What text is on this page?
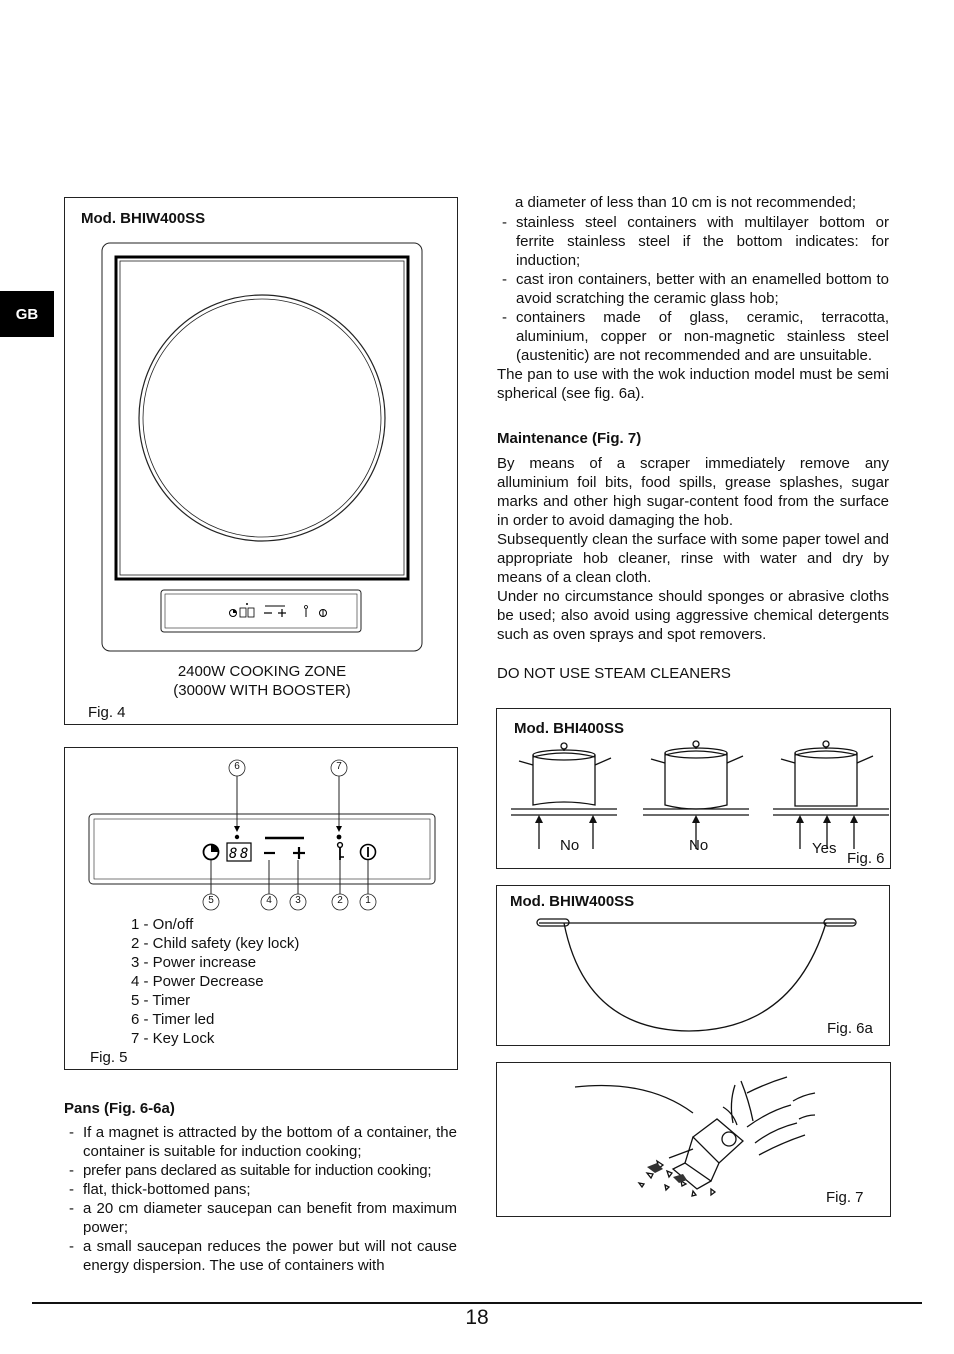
GB
Mod. BHIW400SS
2400W COOKING ZONE
(3000W WITH BOOSTER)
Fig. 4
8 8
6	7
5	4	3	2	1
1 - On/off
2 - Child safety (key lock)
3 - Power increase
4 - Power Decrease
5 - Timer
6 - Timer led
7 - Key Lock
Fig. 5
Pans (Fig. 6-6a)
- If a magnet is attracted by the bottom of a container, the container is suitable for induction cooking;
- prefer pans declared as suitable for induction cooking;
- flat, thick-bottomed pans;
- a 20 cm diameter saucepan can benefit from maximum power;
- a small saucepan reduces the power but will not cause energy dispersion. The use of containers with
a diameter of less than 10 cm is not recommended;
- stainless steel containers with multilayer bottom or ferrite stainless steel if the bottom indicates: for induction;
- cast iron containers, better with an enamelled bottom to avoid scratching the ceramic glass hob;
- containers made of glass, ceramic, terracotta, aluminium, copper or non-magnetic stainless steel (austenitic) are not recommended and are unsuitable.
The pan to use with the wok induction model must be semi spherical (see fig. 6a).
Maintenance (Fig. 7)
By means of a scraper immediately remove any alluminium foil bits, food spills, grease splashes, sugar marks and other high sugar-content food from the surface in order to avoid damaging the hob.
Subsequently clean the surface with some paper towel and appropriate hob cleaner, rinse with water and dry by means of a clean cloth.
Under no circumstance should sponges or abrasive cloths be used; also avoid using aggressive chemical detergents such as oven sprays and spot removers.
DO NOT USE STEAM CLEANERS
Mod. BHI400SS
No	No	Yes
Fig. 6
Mod. BHIW400SS
Fig. 6a
Fig. 7
18
